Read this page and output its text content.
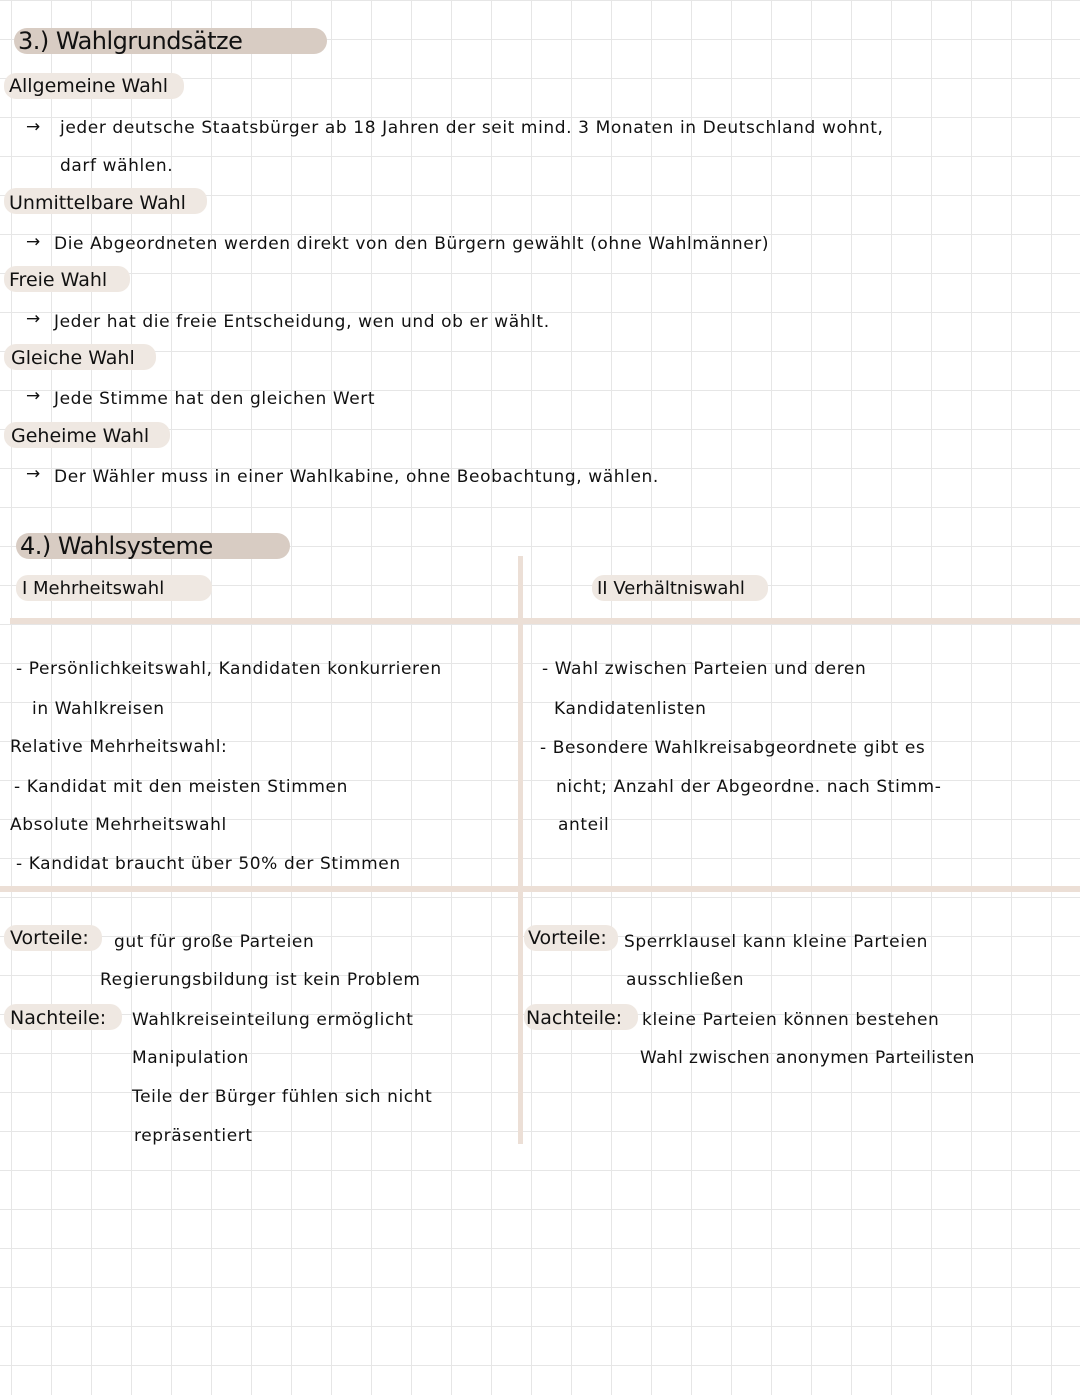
3.) Wahlgrundsätze
Allgemeine Wahl
→ jeder deutsche Staatsbürger ab 18 Jahren der seit mind. 3 Monaten in Deutschland wohnt,
darf wählen.
Unmittelbare Wahl
→ Die Abgeordneten werden direkt von den Bürgern gewählt (ohne Wahlmänner)
Freie Wahl
→ Jeder hat die freie Entscheidung, wen und ob er wählt.
Gleiche Wahl
→ Jede Stimme hat den gleichen Wert
Geheime Wahl
→ Der Wähler muss in einer Wahlkabine, ohne Beobachtung, wählen.
4.) Wahlsysteme
I Mehrheitswahl	II Verhältniswahl
- Persönlichkeitswahl, Kandidaten konkurrieren
in Wahlkreisen
Relative Mehrheitswahl:
- Kandidat mit den meisten Stimmen
Absolute Mehrheitswahl
- Kandidat braucht über 50% der Stimmen
- Wahl zwischen Parteien und deren
Kandidatenlisten
- Besondere Wahlkreisabgeordnete gibt es
nicht; Anzahl der Abgeordne. nach Stimm-
anteil
Vorteile: gut für große Parteien
Regierungsbildung ist kein Problem
Nachteile: Wahlkreiseinteilung ermöglicht
Manipulation
Teile der Bürger fühlen sich nicht
repräsentiert
Vorteile: Sperrklausel kann kleine Parteien
ausschließen
Nachteile: kleine Parteien können bestehen
Wahl zwischen anonymen Parteilisten
